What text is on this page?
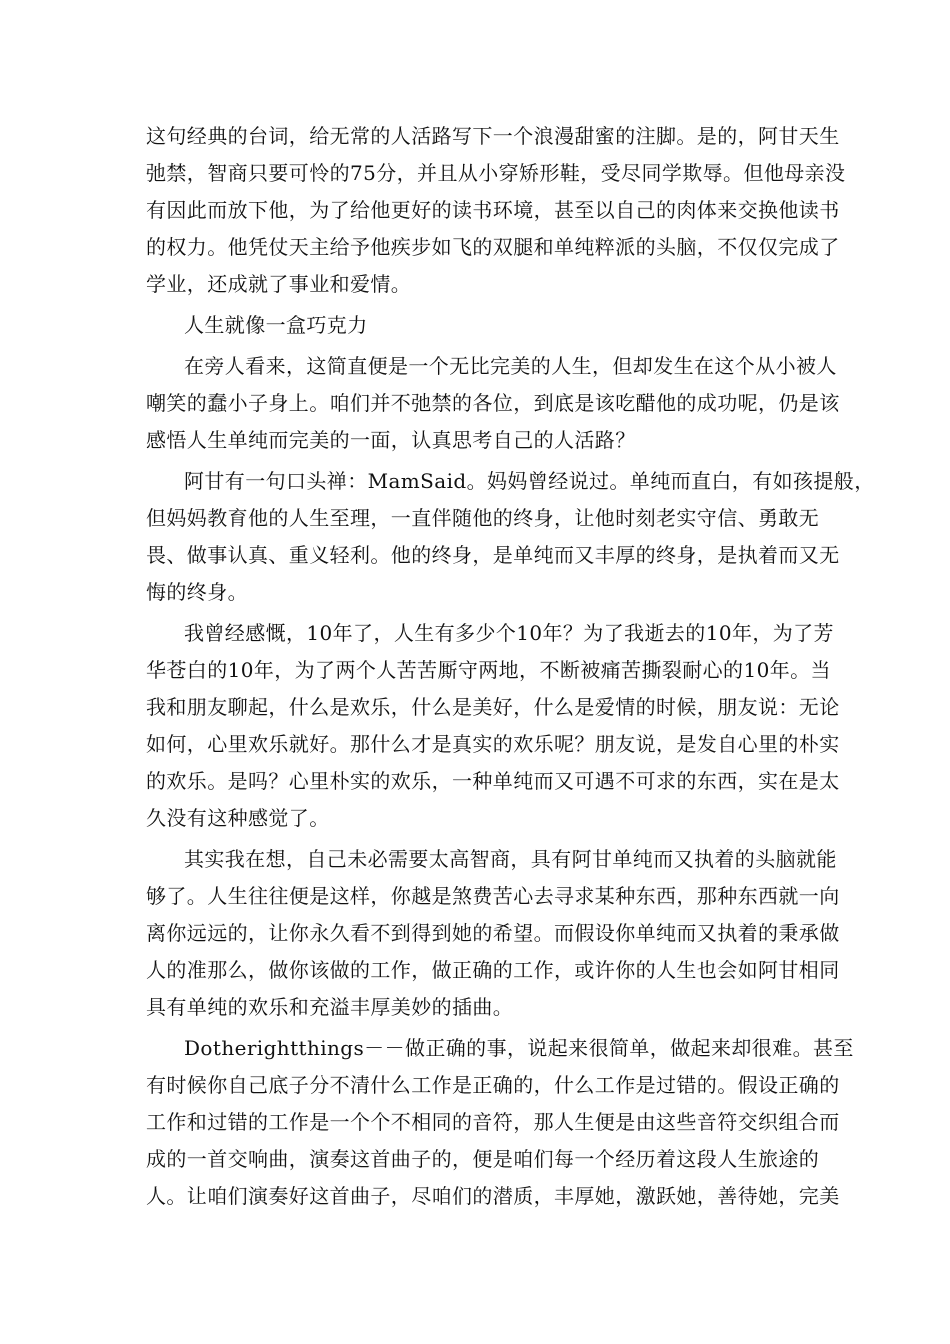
这句经典的台词，给无常的人活路写下一个浪漫甜蜜的注脚。是的，阿甘天生
弛禁，智商只要可怜的75分，并且从小穿矫形鞋，受尽同学欺辱。但他母亲没
有因此而放下他，为了给他更好的读书环境，甚至以自己的肉体来交换他读书
的权力。他凭仗天主给予他疾步如飞的双腿和单纯粹派的头脑，不仅仅完成了
学业，还成就了事业和爱情。
人生就像一盒巧克力
在旁人看来，这简直便是一个无比完美的人生，但却发生在这个从小被人
嘲笑的蠢小子身上。咱们并不弛禁的各位，到底是该吃醋他的成功呢，仍是该
感悟人生单纯而完美的一面，认真思考自己的人活路？
阿甘有一句口头禅：MamSaid。妈妈曾经说过。单纯而直白，有如孩提般，
但妈妈教育他的人生至理，一直伴随他的终身，让他时刻老实守信、勇敢无
畏、做事认真、重义轻利。他的终身，是单纯而又丰厚的终身，是执着而又无
悔的终身。
我曾经感慨，10年了，人生有多少个10年？为了我逝去的10年，为了芳
华苍白的10年，为了两个人苦苦厮守两地，不断被痛苦撕裂耐心的10年。当
我和朋友聊起，什么是欢乐，什么是美好，什么是爱情的时候，朋友说：无论
如何，心里欢乐就好。那什么才是真实的欢乐呢？朋友说，是发自心里的朴实
的欢乐。是吗？心里朴实的欢乐，一种单纯而又可遇不可求的东西，实在是太
久没有这种感觉了。
其实我在想，自己未必需要太高智商，具有阿甘单纯而又执着的头脑就能
够了。人生往往便是这样，你越是煞费苦心去寻求某种东西，那种东西就一向
离你远远的，让你永久看不到得到她的希望。而假设你单纯而又执着的秉承做
人的准那么，做你该做的工作，做正确的工作，或许你的人生也会如阿甘相同
具有单纯的欢乐和充溢丰厚美妙的插曲。
Dotherightthings－－做正确的事，说起来很简单，做起来却很难。甚至
有时候你自己底子分不清什么工作是正确的，什么工作是过错的。假设正确的
工作和过错的工作是一个个不相同的音符，那人生便是由这些音符交织组合而
成的一首交响曲，演奏这首曲子的，便是咱们每一个经历着这段人生旅途的
人。让咱们演奏好这首曲子，尽咱们的潜质，丰厚她，激跃她，善待她，完美
